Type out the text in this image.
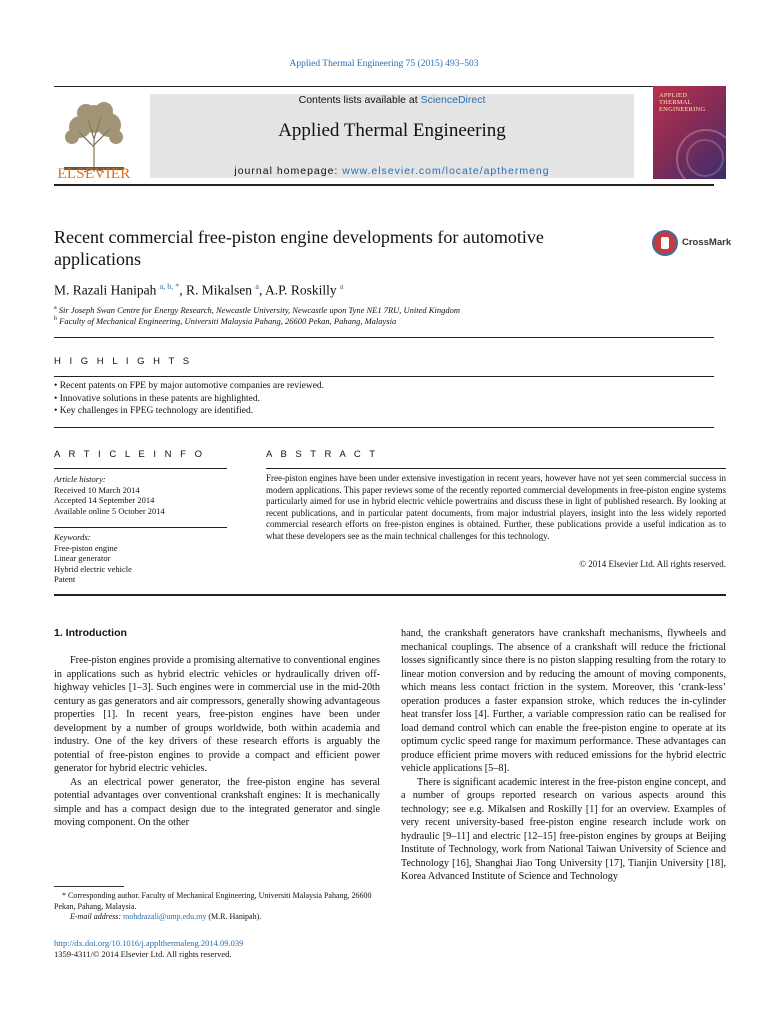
Applied Thermal Engineering 75 (2015) 493–503
ELSEVIER
Contents lists available at ScienceDirect
Applied Thermal Engineering
journal homepage: www.elsevier.com/locate/apthermeng
APPLIED
THERMAL
ENGINEERING
Recent commercial free-piston engine developments for automotive applications
CrossMark
M. Razali Hanipah $^{a, b, *}$, R. Mikalsen $^a$, A.P. Roskilly $^a$
$^a$ Sir Joseph Swan Centre for Energy Research, Newcastle University, Newcastle upon Tyne NE1 7RU, United Kingdom
$^b$ Faculty of Mechanical Engineering, Universiti Malaysia Pahang, 26600 Pekan, Pahang, Malaysia
H I G H L I G H T S
• Recent patents on FPE by major automotive companies are reviewed.
• Innovative solutions in these patents are highlighted.
• Key challenges in FPEG technology are identified.
A R T I C L E I N F O
Article history:
Received 10 March 2014
Accepted 14 September 2014
Available online 5 October 2014
Keywords:
Free-piston engine
Linear generator
Hybrid electric vehicle
Patent
A B S T R A C T
Free-piston engines have been under extensive investigation in recent years, however have not yet seen commercial success in modern applications. This paper reviews some of the recently reported commercial developments in free-piston engine systems particularly aimed for use in hybrid electric vehicle powertrains and discuss these in light of published research. By looking at recent publications, and in particular patent documents, from major industrial players, insight into the less widely reported commercial research efforts on free-piston engines is obtained. Further, these publications provide a useful indication as to what these developers see as the main technical challenges for this technology.
© 2014 Elsevier Ltd. All rights reserved.
1. Introduction

Free-piston engines provide a promising alternative to conventional engines in applications such as hybrid electric vehicles or hydraulically driven off-highway vehicles [1–3]. Such engines were in commercial use in the mid-20th century as gas generators and air compressors, generally showing advantageous properties [1]. In recent years, free-piston engines have been under development by a number of groups worldwide, both within academia and industry. One of the key drivers of these research efforts is arguably the potential of free-piston engines to provide a compact and efficient power generator for hybrid electric vehicles.

As an electrical power generator, the free-piston engine has several potential advantages over conventional crankshaft engines: It is mechanically simple and has a compact design due to the integrated generator and single moving component. On the other

hand, the crankshaft generators have crankshaft mechanisms, flywheels and mechanical couplings. The absence of a crankshaft will reduce the frictional losses significantly since there is no piston slapping resulting from the rotary to linear motion conversion and by reducing the amount of moving components, which means less contact friction in the system. Moreover, this ‘crank-less’ operation produces a faster expansion stroke, which reduces the in-cylinder heat transfer loss [4]. Further, a variable compression ratio can be realised for load demand control which can enable the free-piston engine to operate at its optimum cyclic speed range for maximum performance. These advantages can produce efficient prime movers with reduced emissions for the hybrid electric vehicle applications [5–8].

There is significant academic interest in the free-piston engine concept, and a number of groups reported research on various aspects around this technology; see e.g. Mikalsen and Roskilly [1] for an overview. Examples of very recent university-based free-piston engine research include work on hydraulic [9–11] and electric [12–15] free-piston engines by groups at Beijing Institute of Technology, work from National Taiwan University of Science and Technology [16], Shanghai Jiao Tong University [17], Tianjin University [18], Korea Advanced Institute of Science and Technology

* Corresponding author. Faculty of Mechanical Engineering, Universiti Malaysia Pahang, 26600 Pekan, Pahang, Malaysia.
E-mail address: mohdrazali@ump.edu.my (M.R. Hanipah).
http://dx.doi.org/10.1016/j.applthermaleng.2014.09.039
1359-4311/© 2014 Elsevier Ltd. All rights reserved.
